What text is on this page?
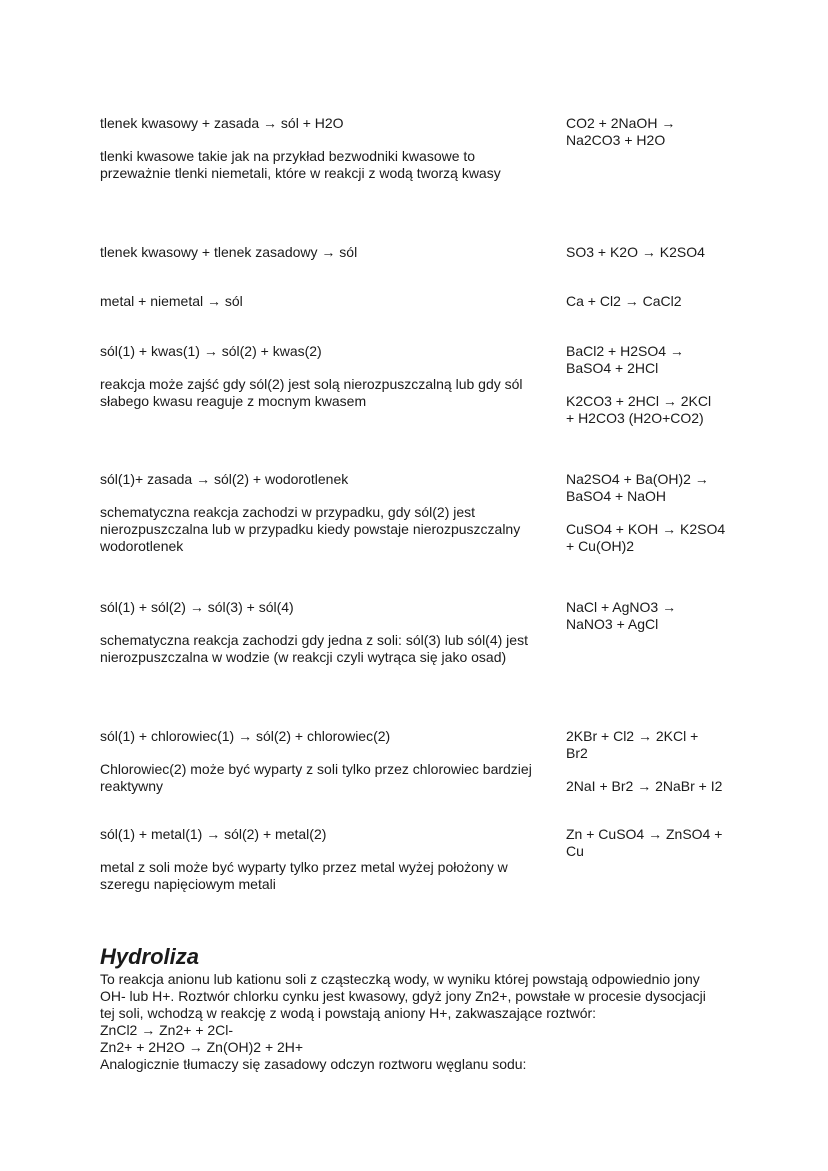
tlenek kwasowy + zasada → sól + H2O
tlenki kwasowe takie jak na przykład bezwodniki kwasowe to
przeważnie tlenki niemetali, które w reakcji z wodą tworzą kwasy
CO2 + 2NaOH →
Na2CO3 + H2O
tlenek kwasowy + tlenek zasadowy → sól	SO3 + K2O → K2SO4
metal + niemetal → sól	Ca + Cl2 → CaCl2
sól(1) + kwas(1) → sól(2) + kwas(2)
reakcja może zajść gdy sól(2) jest solą nierozpuszczalną lub gdy sól
słabego kwasu reaguje z mocnym kwasem
BaCl2 + H2SO4 →
BaSO4 + 2HCl
K2CO3 + 2HCl → 2KCl
+ H2CO3 (H2O+CO2)
sól(1)+ zasada → sól(2) + wodorotlenek
schematyczna reakcja zachodzi w przypadku, gdy sól(2) jest
nierozpuszczalna lub w przypadku kiedy powstaje nierozpuszczalny
wodorotlenek
Na2SO4 + Ba(OH)2 →
BaSO4 + NaOH
CuSO4 + KOH → K2SO4
+ Cu(OH)2
sól(1) + sól(2) → sól(3) + sól(4)
schematyczna reakcja zachodzi gdy jedna z soli: sól(3) lub sól(4) jest
nierozpuszczalna w wodzie (w reakcji czyli wytrąca się jako osad)
NaCl + AgNO3 →
NaNO3 + AgCl
sól(1) + chlorowiec(1) → sól(2) + chlorowiec(2)
Chlorowiec(2) może być wyparty z soli tylko przez chlorowiec bardziej
reaktywny
2KBr + Cl2 → 2KCl +
Br2
2NaI + Br2 → 2NaBr + I2
sól(1) + metal(1) → sól(2) + metal(2)
metal z soli może być wyparty tylko przez metal wyżej położony w
szeregu napięciowym metali
Zn + CuSO4 → ZnSO4 +
Cu
Hydroliza

To reakcja anionu lub kationu soli z cząsteczką wody, w wyniku której powstają odpowiednio jony
OH- lub H+. Roztwór chlorku cynku jest kwasowy, gdyż jony Zn2+, powstałe w procesie dysocjacji
tej soli, wchodzą w reakcję z wodą i powstają aniony H+, zakwaszające roztwór:
ZnCl2 → Zn2+ + 2Cl-
Zn2+ + 2H2O → Zn(OH)2 + 2H+
Analogicznie tłumaczy się zasadowy odczyn roztworu węglanu sodu:
